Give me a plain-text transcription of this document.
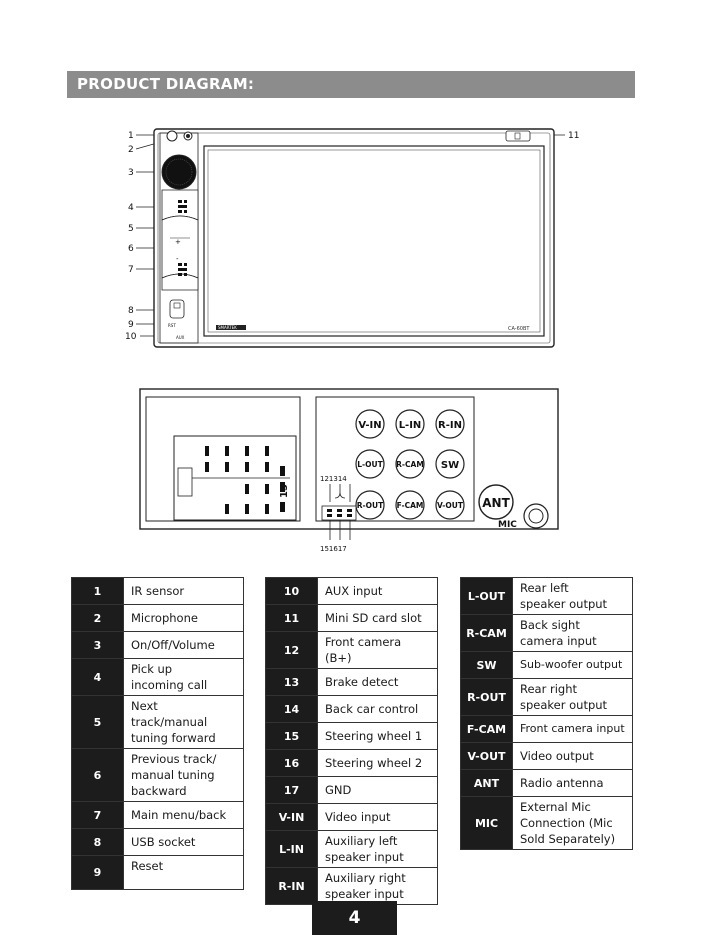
PRODUCT DIAGRAM:
1
2
3
4
5
6
7
8
9
10
11
+
-
RST
AUX
SMARTEK	CA-60BT
15
V-IN L-IN R-IN
L-OUT R-CAM
R-OUT F-CAM V-OUT
SW
121314
151617
ANT
MIC
1	IR sensor
2	Microphone
3	On/Off/Volume
4	Pick up incoming call
5	Next track/manual tuning forward
6	Previous track/ manual tuning backward
7	Main menu/back
8	USB socket
9	Reset
10	AUX input
11	Mini SD card slot
12	Front camera (B+)
13	Brake detect
14	Back car control
15	Steering wheel 1
16	Steering wheel 2
17	GND
V-IN	Video input
L-IN	Auxiliary left speaker input
R-IN	Auxiliary right speaker input
L-OUT	Rear left speaker output
R-CAM	Back sight camera input
SW	Sub-woofer output
R-OUT	Rear right speaker output
F-CAM	Front camera input
V-OUT	Video output
ANT	Radio antenna
MIC	External Mic Connection (Mic Sold Separately)
4
